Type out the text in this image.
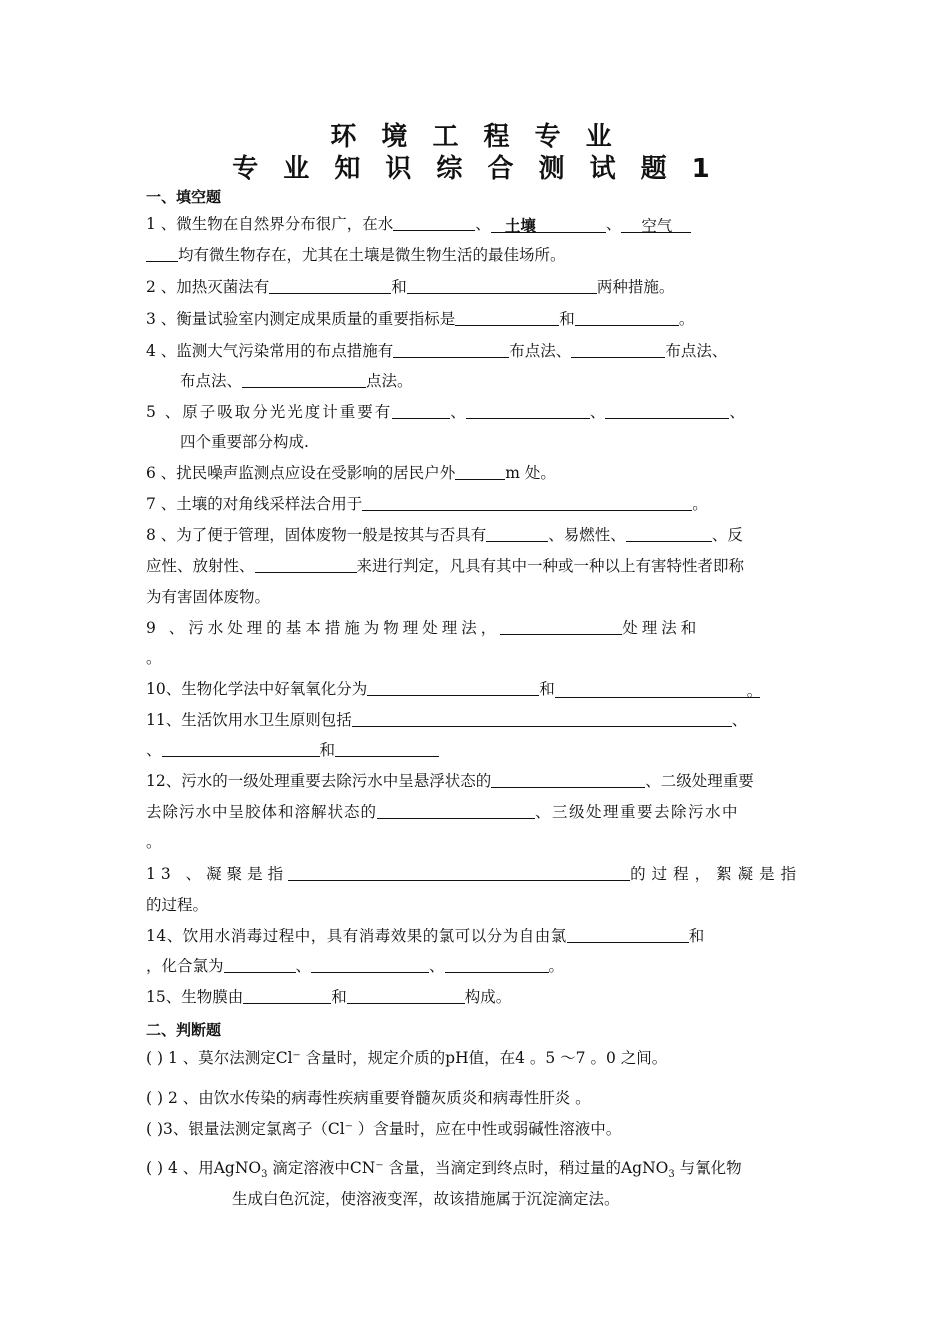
环 境 工 程 专 业
专 业 知 识 综 合 测 试 题 1
一、填空题
1 、微生物在自然界分布很广，在水	、 土壤	、 空气
均有微生物存在，尤其在土壤是微生物生活的最佳场所。
2 、加热灭菌法有	和	两种措施。
3 、衡量试验室内测定成果质量的重要指标是	和	。
4 、监测大气污染常用的布点措施有	布点法、	布点法、
布点法、	点法。
5 、原子吸取分光光度计重要有	、	、	、
四个重要部分构成.
6 、扰民噪声监测点应设在受影响的居民户外	m 处。
7 、土壤的对角线采样法合用于	。
8 、为了便于管理，固体废物一般是按其与否具有	、易燃性、	、反
应性、放射性、	来进行判定，凡具有其中一种或一种以上有害特性者即称
为有害固体废物。
9 、污水处理的基本措施为物理处理法，	处理法和
。
10、生物化学法中好氧氧化分为	和	。
11、生活饮用水卫生原则包括	、
、	和
12、污水的一级处理重要去除污水中呈悬浮状态的	、二级处理重要
去除污水中呈胶体和溶解状态的	、三级处理重要去除污水中
。
13 、凝聚是指	的过程，絮凝是指
的过程。
14、饮用水消毒过程中，具有消毒效果的氯可以分为自由氯	和
，化合氯为	、	、	。
15、生物膜由	和	构成。
二、判断题
( ) 1 、莫尔法测定Cl⁻ 含量时，规定介质的pH值，在4 。5 ～7 。0 之间。
( ) 2 、由饮水传染的病毒性疾病重要脊髓灰质炎和病毒性肝炎 。
( )3、银量法测定氯离子（Cl⁻ ）含量时，应在中性或弱碱性溶液中。
( ) 4 、用AgNO$_3$ 滴定溶液中CN⁻ 含量，当滴定到终点时，稍过量的AgNO$_3$ 与氰化物
生成白色沉淀，使溶液变浑，故该措施属于沉淀滴定法。
